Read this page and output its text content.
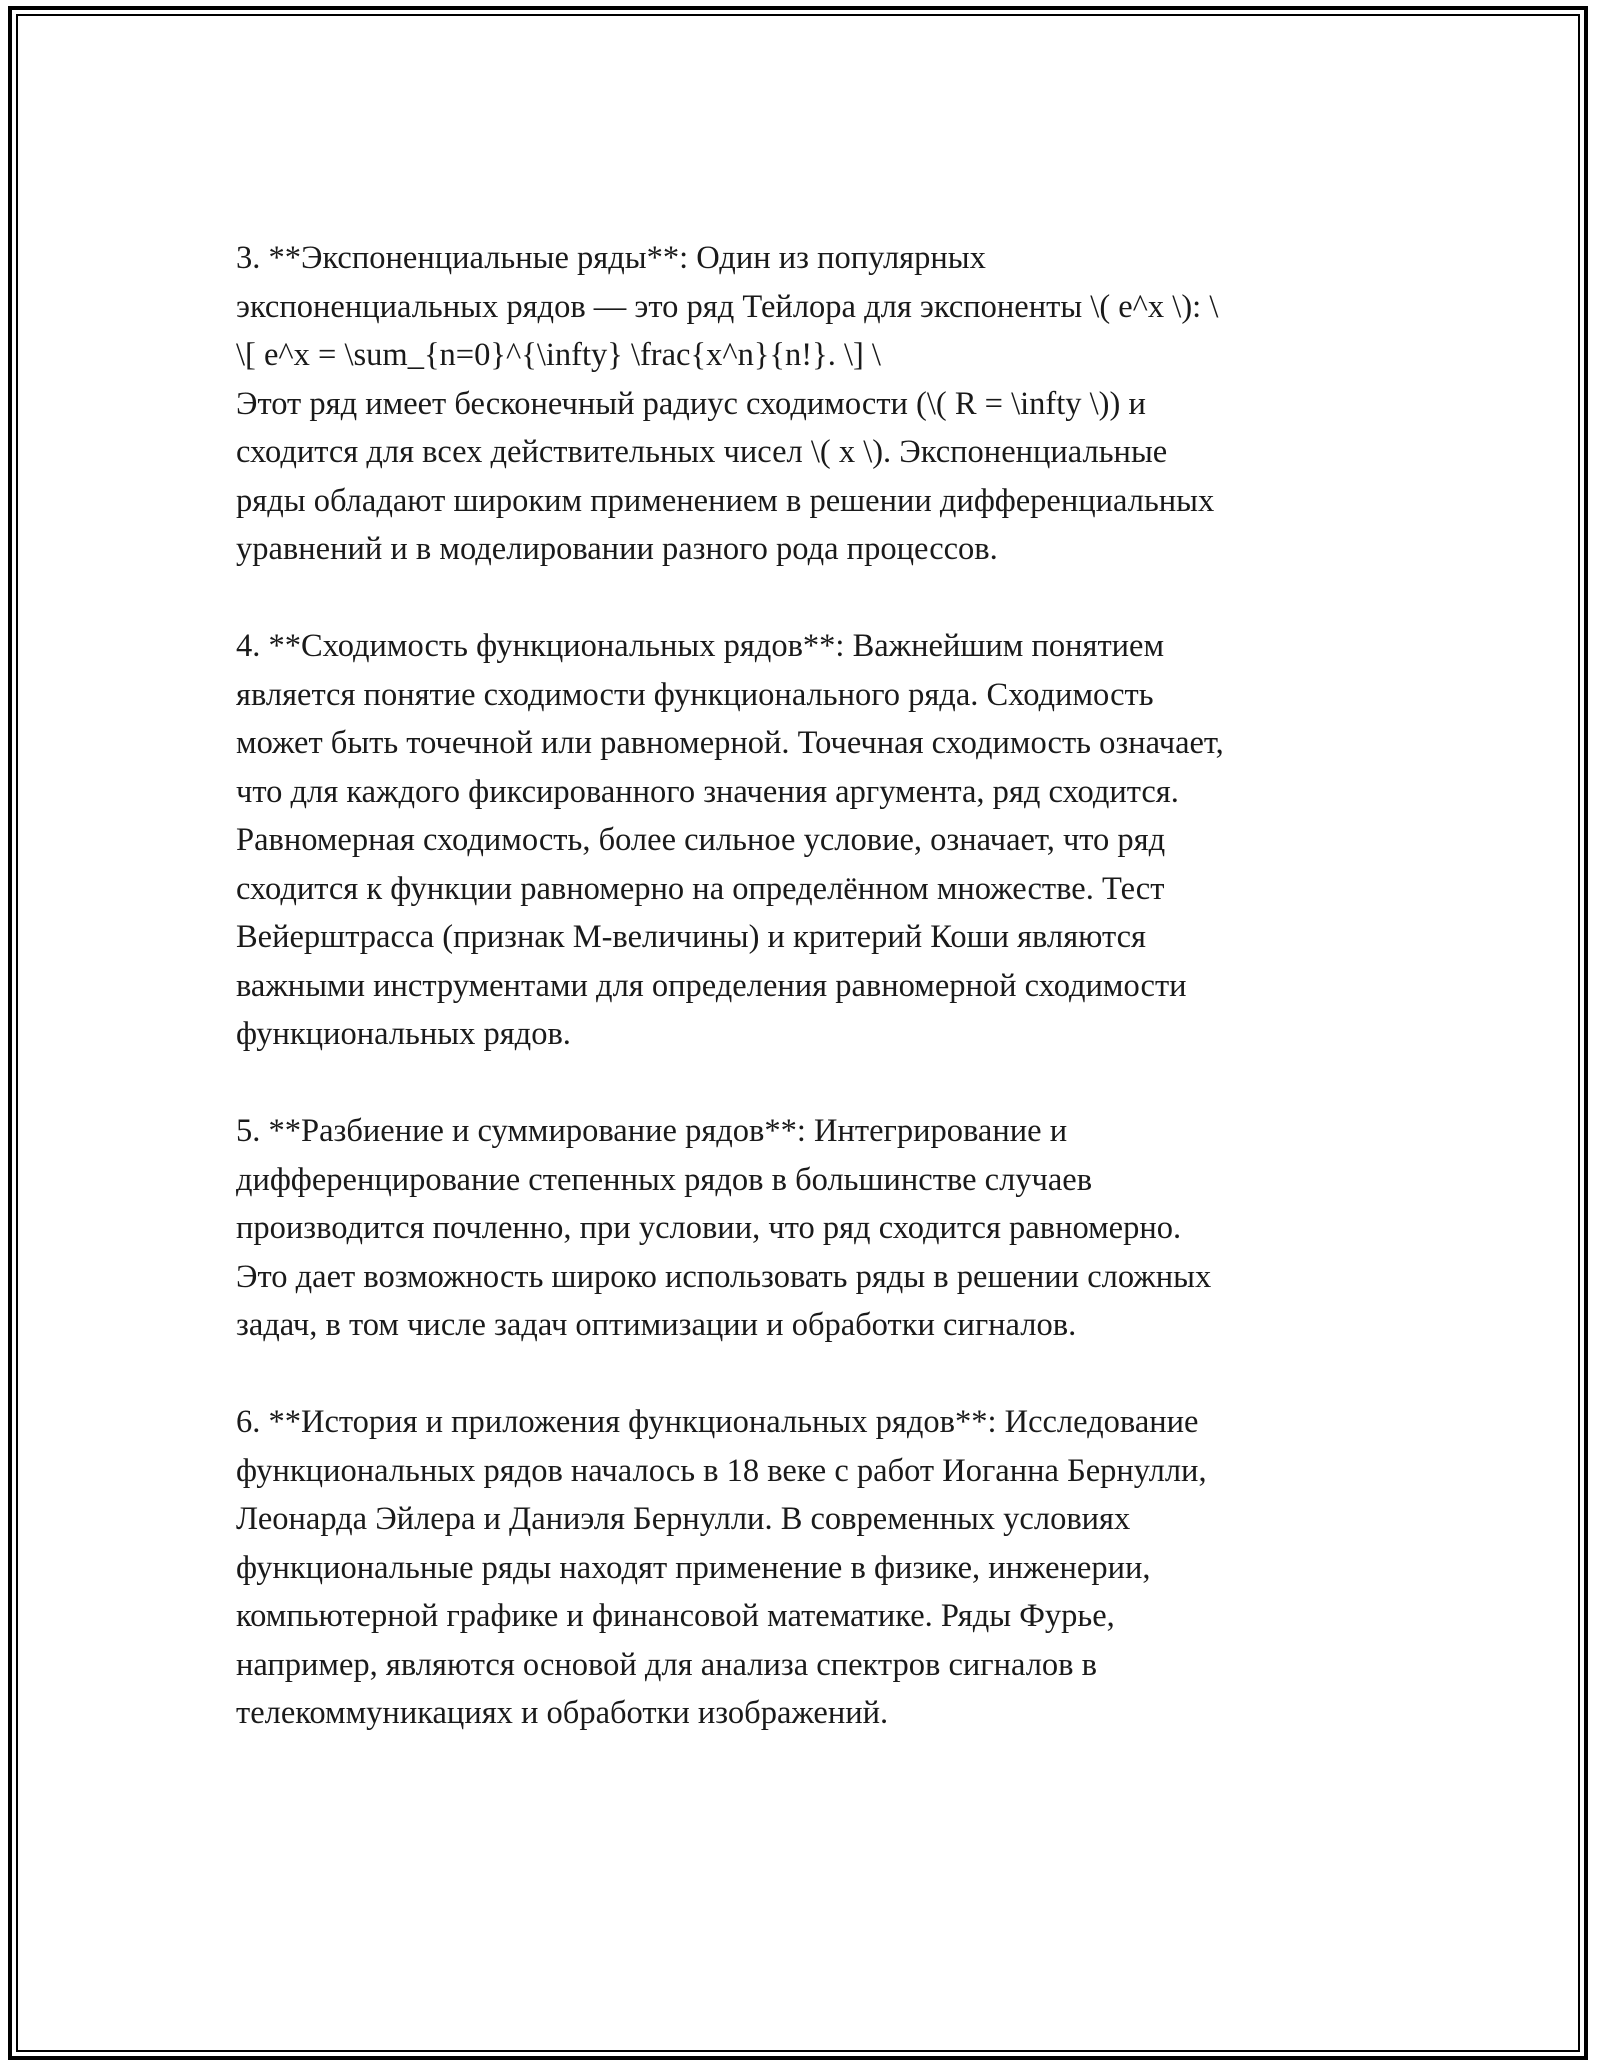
3. **Экспоненциальные ряды**: Один из популярных
экспоненциальных рядов — это ряд Тейлора для экспоненты \( e^x \): \
\[ e^x = \sum_{n=0}^{\infty} \frac{x^n}{n!}. \] \
Этот ряд имеет бесконечный радиус сходимости (\( R = \infty \)) и
сходится для всех действительных чисел \( x \). Экспоненциальные
ряды обладают широким применением в решении дифференциальных
уравнений и в моделировании разного рода процессов.

4. **Сходимость функциональных рядов**: Важнейшим понятием
является понятие сходимости функционального ряда. Сходимость
может быть точечной или равномерной. Точечная сходимость означает,
что для каждого фиксированного значения аргумента, ряд сходится.
Равномерная сходимость, более сильное условие, означает, что ряд
сходится к функции равномерно на определённом множестве. Тест
Вейерштрасса (признак M-величины) и критерий Коши являются
важными инструментами для определения равномерной сходимости
функциональных рядов.

5. **Разбиение и суммирование рядов**: Интегрирование и
дифференцирование степенных рядов в большинстве случаев
производится почленно, при условии, что ряд сходится равномерно.
Это дает возможность широко использовать ряды в решении сложных
задач, в том числе задач оптимизации и обработки сигналов.

6. **История и приложения функциональных рядов**: Исследование
функциональных рядов началось в 18 веке с работ Иоганна Бернулли,
Леонарда Эйлера и Даниэля Бернулли. В современных условиях
функциональные ряды находят применение в физике, инженерии,
компьютерной графике и финансовой математике. Ряды Фурье,
например, являются основой для анализа спектров сигналов в
телекоммуникациях и обработки изображений.
